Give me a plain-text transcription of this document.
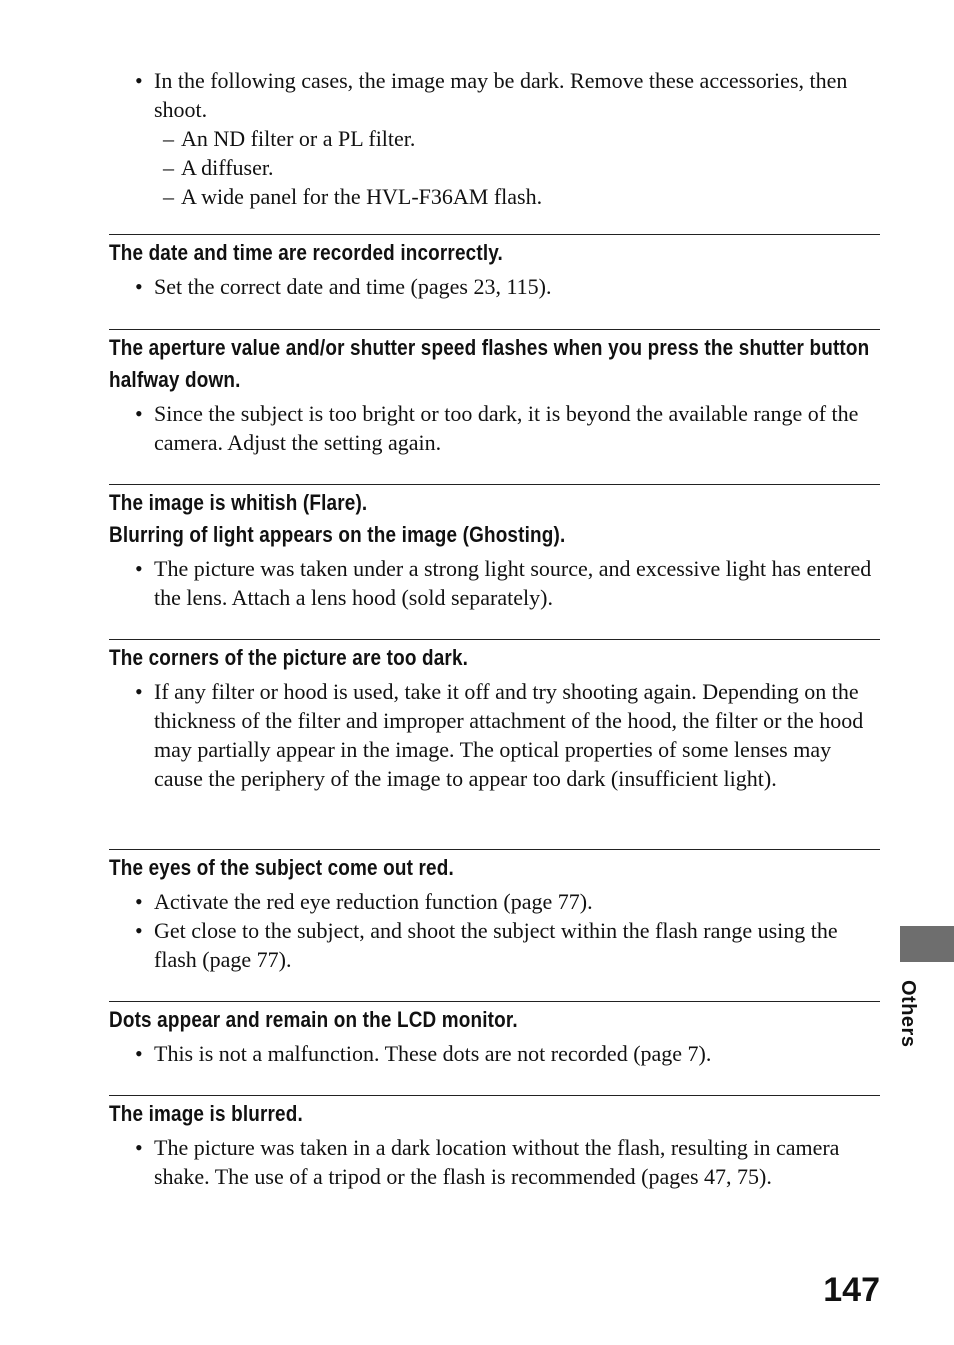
• In the following cases, the image may be dark. Remove these accessories, then shoot.
– An ND filter or a PL filter.
– A diffuser.
– A wide panel for the HVL-F36AM flash.
The date and time are recorded incorrectly.
• Set the correct date and time (pages 23, 115).
The aperture value and/or shutter speed flashes when you press the shutter button halfway down.
• Since the subject is too bright or too dark, it is beyond the available range of the camera. Adjust the setting again.
The image is whitish (Flare).
Blurring of light appears on the image (Ghosting).
• The picture was taken under a strong light source, and excessive light has entered the lens. Attach a lens hood (sold separately).
The corners of the picture are too dark.
• If any filter or hood is used, take it off and try shooting again. Depending on the thickness of the filter and improper attachment of the hood, the filter or the hood may partially appear in the image. The optical properties of some lenses may cause the periphery of the image to appear too dark (insufficient light).
The eyes of the subject come out red.
• Activate the red eye reduction function (page 77).
• Get close to the subject, and shoot the subject within the flash range using the flash (page 77).
Dots appear and remain on the LCD monitor.
• This is not a malfunction. These dots are not recorded (page 7).
The image is blurred.
• The picture was taken in a dark location without the flash, resulting in camera shake. The use of a tripod or the flash is recommended (pages 47, 75).
Others
147
